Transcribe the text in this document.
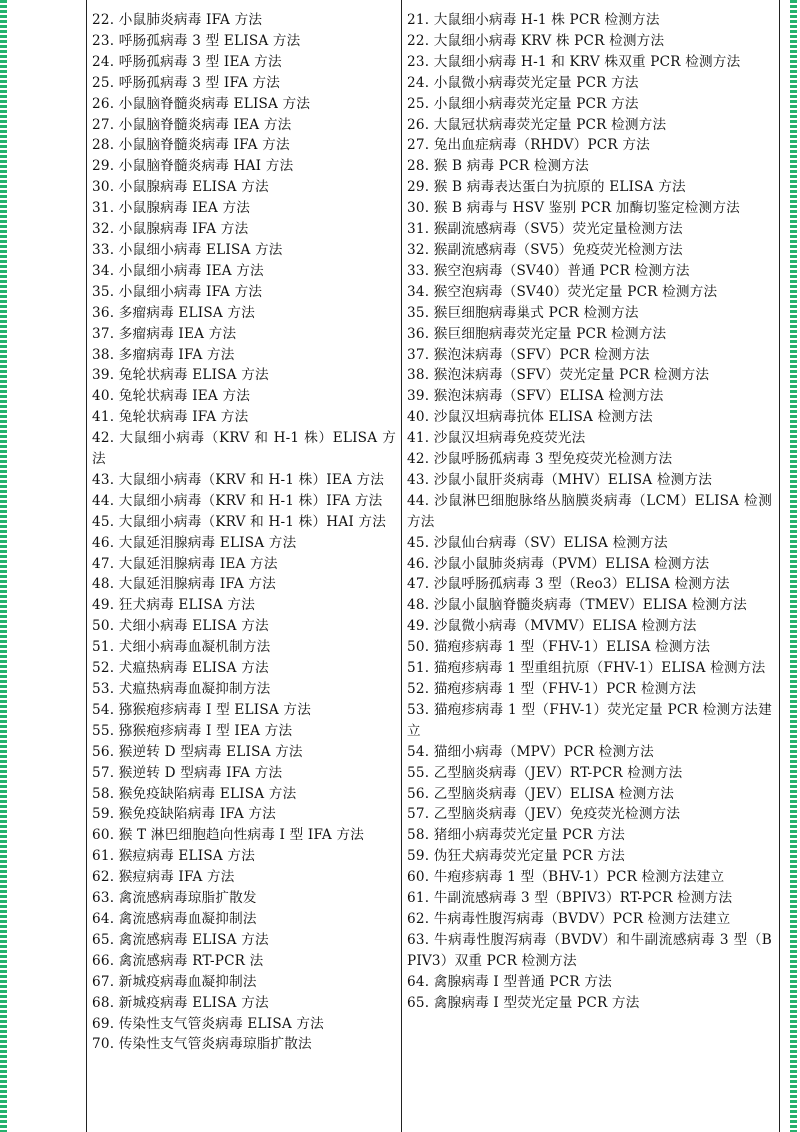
22. 小鼠肺炎病毒 IFA 方法

23. 呼肠孤病毒 3 型 ELISA 方法

24. 呼肠孤病毒 3 型 IEA 方法

25. 呼肠孤病毒 3 型 IFA 方法

26. 小鼠脑脊髓炎病毒 ELISA 方法

27. 小鼠脑脊髓炎病毒 IEA 方法

28. 小鼠脑脊髓炎病毒 IFA 方法

29. 小鼠脑脊髓炎病毒 HAI 方法

30. 小鼠腺病毒 ELISA 方法

31. 小鼠腺病毒 IEA 方法

32. 小鼠腺病毒 IFA 方法

33. 小鼠细小病毒 ELISA 方法

34. 小鼠细小病毒 IEA 方法

35. 小鼠细小病毒 IFA 方法

36. 多瘤病毒 ELISA 方法

37. 多瘤病毒 IEA 方法

38. 多瘤病毒 IFA 方法

39. 兔轮状病毒 ELISA 方法

40. 兔轮状病毒 IEA 方法

41. 兔轮状病毒 IFA 方法

42. 大鼠细小病毒（KRV 和 H-1 株）ELISA 方法

43. 大鼠细小病毒（KRV 和 H-1 株）IEA 方法

44. 大鼠细小病毒（KRV 和 H-1 株）IFA 方法

45. 大鼠细小病毒（KRV 和 H-1 株）HAI 方法

46. 大鼠延泪腺病毒 ELISA 方法

47. 大鼠延泪腺病毒 IEA 方法

48. 大鼠延泪腺病毒 IFA 方法

49. 狂犬病毒 ELISA 方法

50. 犬细小病毒 ELISA 方法

51. 犬细小病毒血凝机制方法

52. 犬瘟热病毒 ELISA 方法

53. 犬瘟热病毒血凝抑制方法

54. 猕猴疱疹病毒 I 型 ELISA 方法

55. 猕猴疱疹病毒 I 型 IEA 方法

56. 猴逆转 D 型病毒 ELISA 方法

57. 猴逆转 D 型病毒 IFA 方法

58. 猴免疫缺陷病毒 ELISA 方法

59. 猴免疫缺陷病毒 IFA 方法

60. 猴 T 淋巴细胞趋向性病毒 I 型 IFA 方法

61. 猴痘病毒 ELISA 方法

62. 猴痘病毒 IFA 方法

63. 禽流感病毒琼脂扩散发

64. 禽流感病毒血凝抑制法

65. 禽流感病毒 ELISA 方法

66. 禽流感病毒 RT-PCR 法

67. 新城疫病毒血凝抑制法

68. 新城疫病毒 ELISA 方法

69. 传染性支气管炎病毒 ELISA 方法

70. 传染性支气管炎病毒琼脂扩散法

21. 大鼠细小病毒 H-1 株 PCR 检测方法

22. 大鼠细小病毒 KRV 株 PCR 检测方法

23. 大鼠细小病毒 H-1 和 KRV 株双重 PCR 检测方法

24. 小鼠微小病毒荧光定量 PCR 方法

25. 小鼠细小病毒荧光定量 PCR 方法

26. 大鼠冠状病毒荧光定量 PCR 检测方法

27. 兔出血症病毒（RHDV）PCR 方法

28. 猴 B 病毒 PCR 检测方法

29. 猴 B 病毒表达蛋白为抗原的 ELISA 方法

30. 猴 B 病毒与 HSV 鉴别 PCR 加酶切鉴定检测方法

31. 猴副流感病毒（SV5）荧光定量检测方法

32. 猴副流感病毒（SV5）免疫荧光检测方法

33. 猴空泡病毒（SV40）普通 PCR 检测方法

34. 猴空泡病毒（SV40）荧光定量 PCR 检测方法

35. 猴巨细胞病毒巢式 PCR 检测方法

36. 猴巨细胞病毒荧光定量 PCR 检测方法

37. 猴泡沫病毒（SFV）PCR 检测方法

38. 猴泡沫病毒（SFV）荧光定量 PCR 检测方法

39. 猴泡沫病毒（SFV）ELISA 检测方法

40. 沙鼠汉坦病毒抗体 ELISA 检测方法

41. 沙鼠汉坦病毒免疫荧光法

42. 沙鼠呼肠孤病毒 3 型免疫荧光检测方法

43. 沙鼠小鼠肝炎病毒（MHV）ELISA 检测方法

44. 沙鼠淋巴细胞脉络丛脑膜炎病毒（LCM）ELISA 检测方法

45. 沙鼠仙台病毒（SV）ELISA 检测方法

46. 沙鼠小鼠肺炎病毒（PVM）ELISA 检测方法

47. 沙鼠呼肠孤病毒 3 型（Reo3）ELISA 检测方法

48. 沙鼠小鼠脑脊髓炎病毒（TMEV）ELISA 检测方法

49. 沙鼠微小病毒（MVMV）ELISA 检测方法

50. 猫疱疹病毒 1 型（FHV-1）ELISA 检测方法

51. 猫疱疹病毒 1 型重组抗原（FHV-1）ELISA 检测方法

52. 猫疱疹病毒 1 型（FHV-1）PCR 检测方法

53. 猫疱疹病毒 1 型（FHV-1）荧光定量 PCR 检测方法建立

54. 猫细小病毒（MPV）PCR 检测方法

55. 乙型脑炎病毒（JEV）RT-PCR 检测方法

56. 乙型脑炎病毒（JEV）ELISA 检测方法

57. 乙型脑炎病毒（JEV）免疫荧光检测方法

58. 猪细小病毒荧光定量 PCR 方法

59. 伪狂犬病毒荧光定量 PCR 方法

60. 牛疱疹病毒 1 型（BHV-1）PCR 检测方法建立

61. 牛副流感病毒 3 型（BPIV3）RT-PCR 检测方法

62. 牛病毒性腹泻病毒（BVDV）PCR 检测方法建立

63. 牛病毒性腹泻病毒（BVDV）和牛副流感病毒 3 型（BPIV3）双重 PCR 检测方法

64. 禽腺病毒 I 型普通 PCR 方法

65. 禽腺病毒 I 型荧光定量 PCR 方法
